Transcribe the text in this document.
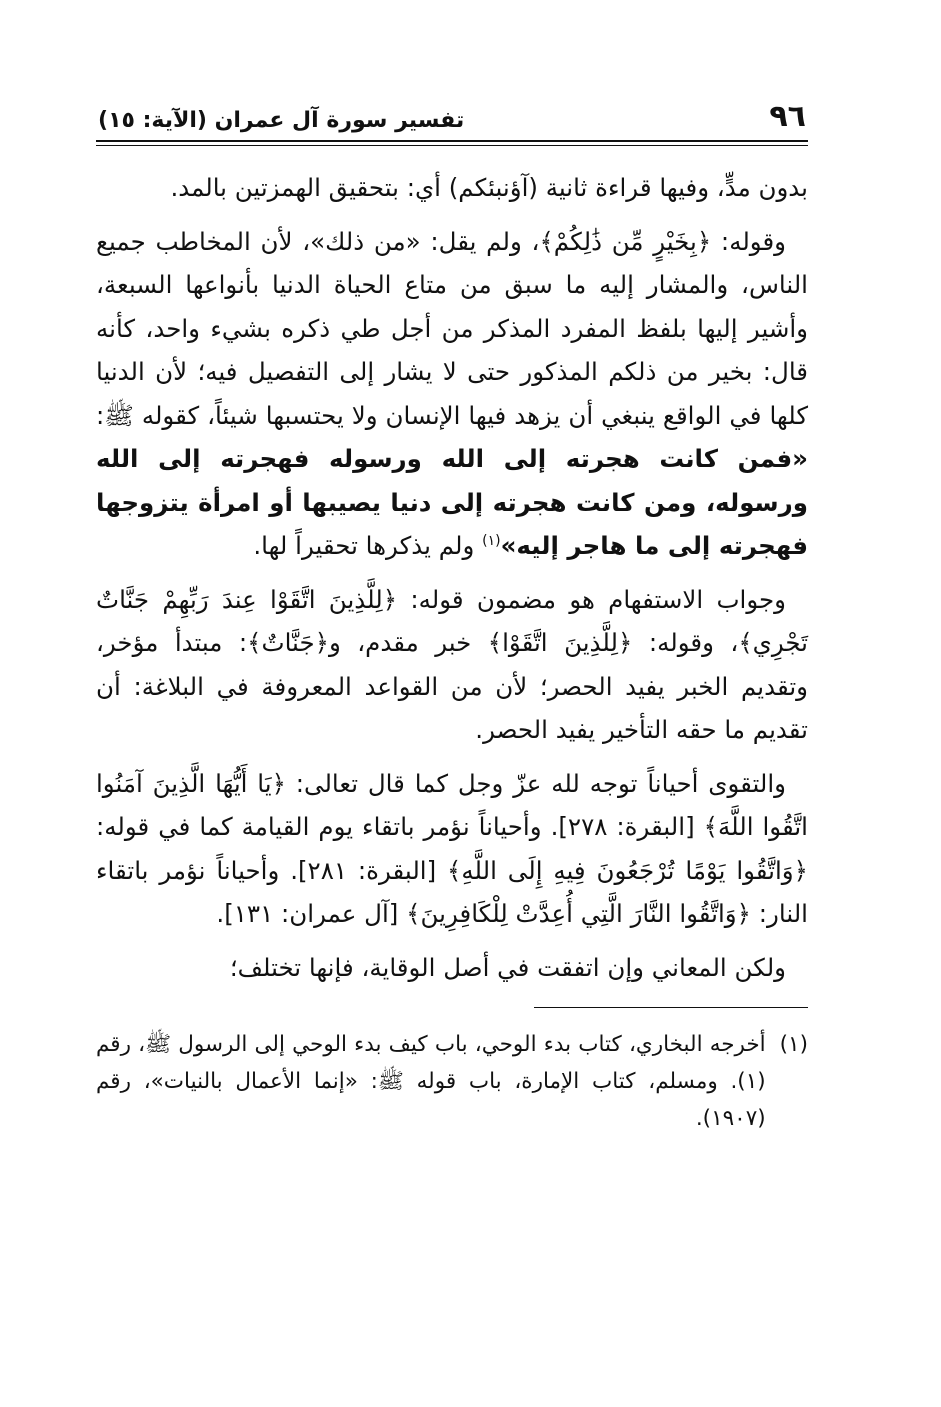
٩٦
تفسير سورة آل عمران (الآية: ١٥)

بدون مدٍّ، وفيها قراءة ثانية (آؤنبئكم) أي: بتحقيق الهمزتين بالمد.

وقوله: ﴿بِخَيْرٍ مِّن ذَٰلِكُمْ﴾، ولم يقل: «من ذلك»، لأن المخاطب جميع الناس، والمشار إليه ما سبق من متاع الحياة الدنيا بأنواعها السبعة، وأشير إليها بلفظ المفرد المذكر من أجل طي ذكره بشيء واحد، كأنه قال: بخير من ذلكم المذكور حتى لا يشار إلى التفصيل فيه؛ لأن الدنيا كلها في الواقع ينبغي أن يزهد فيها الإنسان ولا يحتسبها شيئاً، كقوله ﷺ: «فمن كانت هجرته إلى الله ورسوله فهجرته إلى الله ورسوله، ومن كانت هجرته إلى دنيا يصيبها أو امرأة يتزوجها فهجرته إلى ما هاجر إليه»$^{(١)}$ ولم يذكرها تحقيراً لها.

وجواب الاستفهام هو مضمون قوله: ﴿لِلَّذِينَ اتَّقَوْا عِندَ رَبِّهِمْ جَنَّاتٌ تَجْرِي﴾، وقوله: ﴿لِلَّذِينَ اتَّقَوْا﴾ خبر مقدم، و﴿جَنَّاتٌ﴾: مبتدأ مؤخر، وتقديم الخبر يفيد الحصر؛ لأن من القواعد المعروفة في البلاغة: أن تقديم ما حقه التأخير يفيد الحصر.

والتقوى أحياناً توجه لله عزّ وجل كما قال تعالى: ﴿يَا أَيُّهَا الَّذِينَ آمَنُوا اتَّقُوا اللَّهَ﴾ [البقرة: ٢٧٨]. وأحياناً نؤمر باتقاء يوم القيامة كما في قوله: ﴿وَاتَّقُوا يَوْمًا تُرْجَعُونَ فِيهِ إِلَى اللَّهِ﴾ [البقرة: ٢٨١]. وأحياناً نؤمر باتقاء النار: ﴿وَاتَّقُوا النَّارَ الَّتِي أُعِدَّتْ لِلْكَافِرِينَ﴾ [آل عمران: ١٣١].

ولكن المعاني وإن اتفقت في أصل الوقاية، فإنها تختلف؛

(١)
أخرجه البخاري، كتاب بدء الوحي، باب كيف بدء الوحي إلى الرسول ﷺ، رقم (١). ومسلم، كتاب الإمارة، باب قوله ﷺ: «إنما الأعمال بالنيات»، رقم (١٩٠٧).
